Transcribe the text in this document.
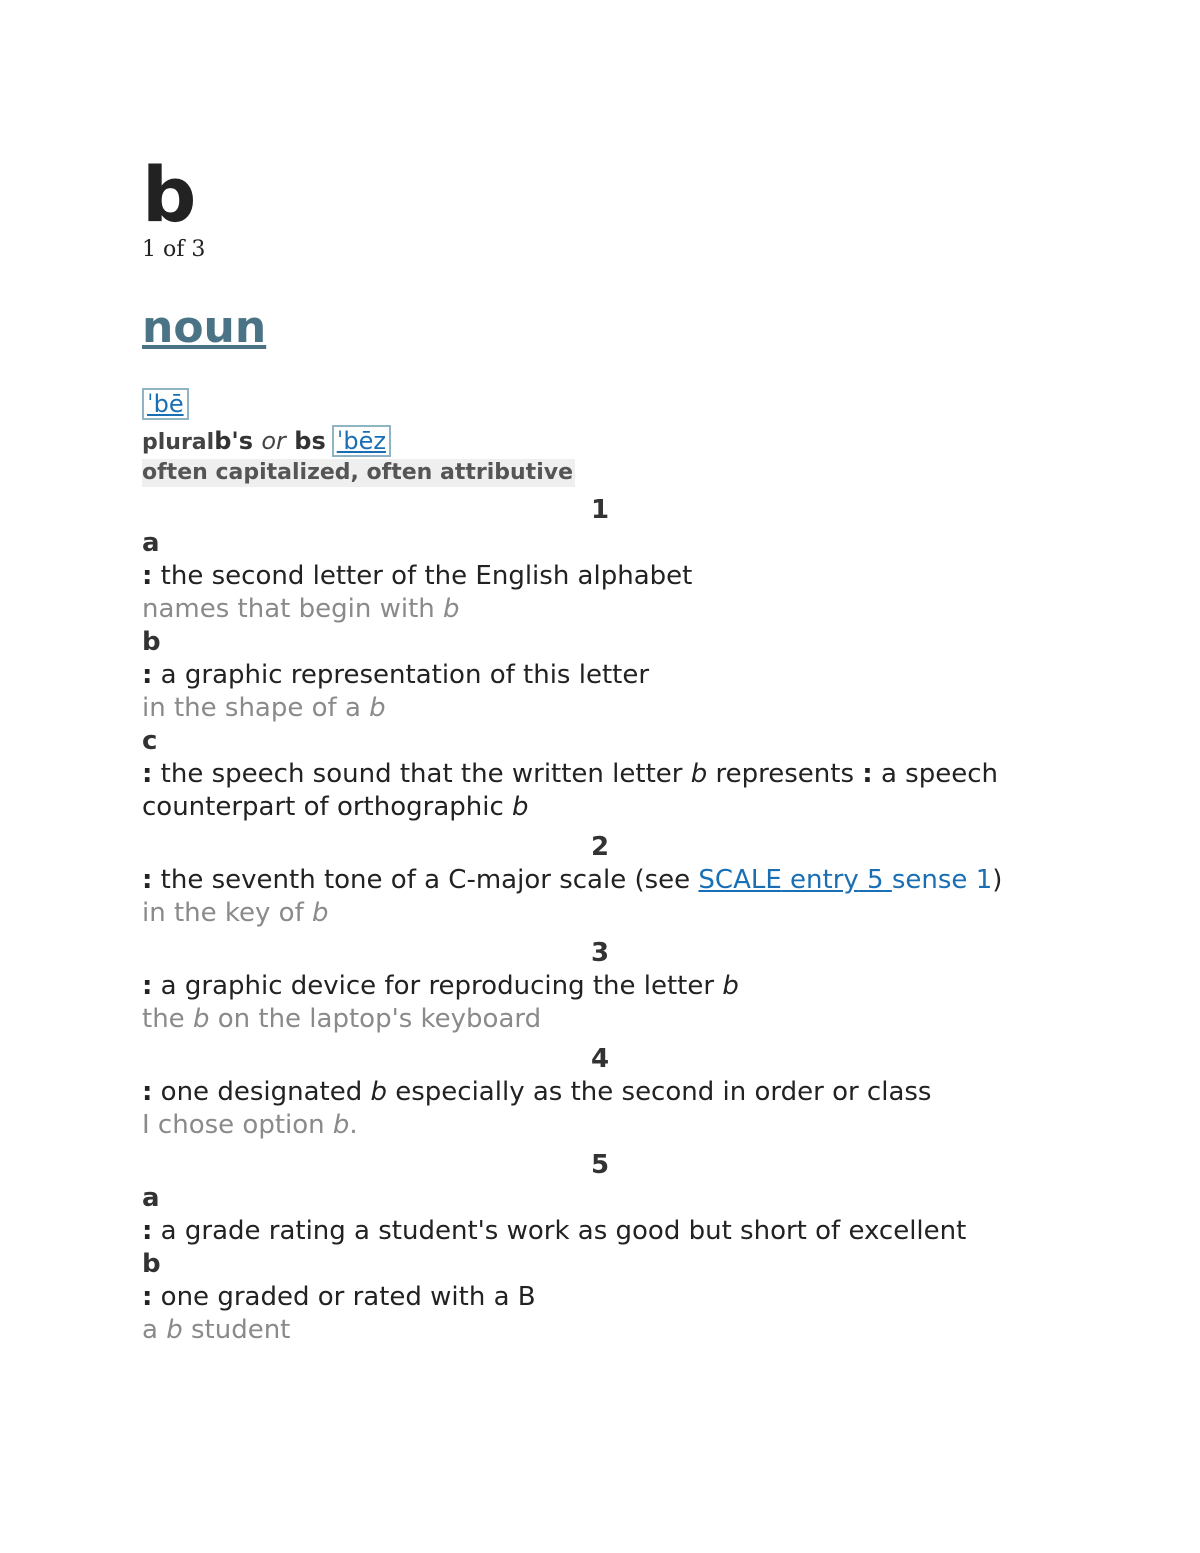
b
1 of 3
noun
ˈbē
pluralb's or bs ˈbēz
often capitalized, often attributive
1
a
: the second letter of the English alphabet
names that begin with b
b
: a graphic representation of this letter
in the shape of a b
c
: the speech sound that the written letter b represents : a speech counterpart of orthographic b
2
: the seventh tone of a C-major scale (see SCALE entry 5 sense 1)
in the key of b
3
: a graphic device for reproducing the letter b
the b on the laptop's keyboard
4
: one designated b especially as the second in order or class
I chose option b.
5
a
: a grade rating a student's work as good but short of excellent
b
: one graded or rated with a B
a b student
